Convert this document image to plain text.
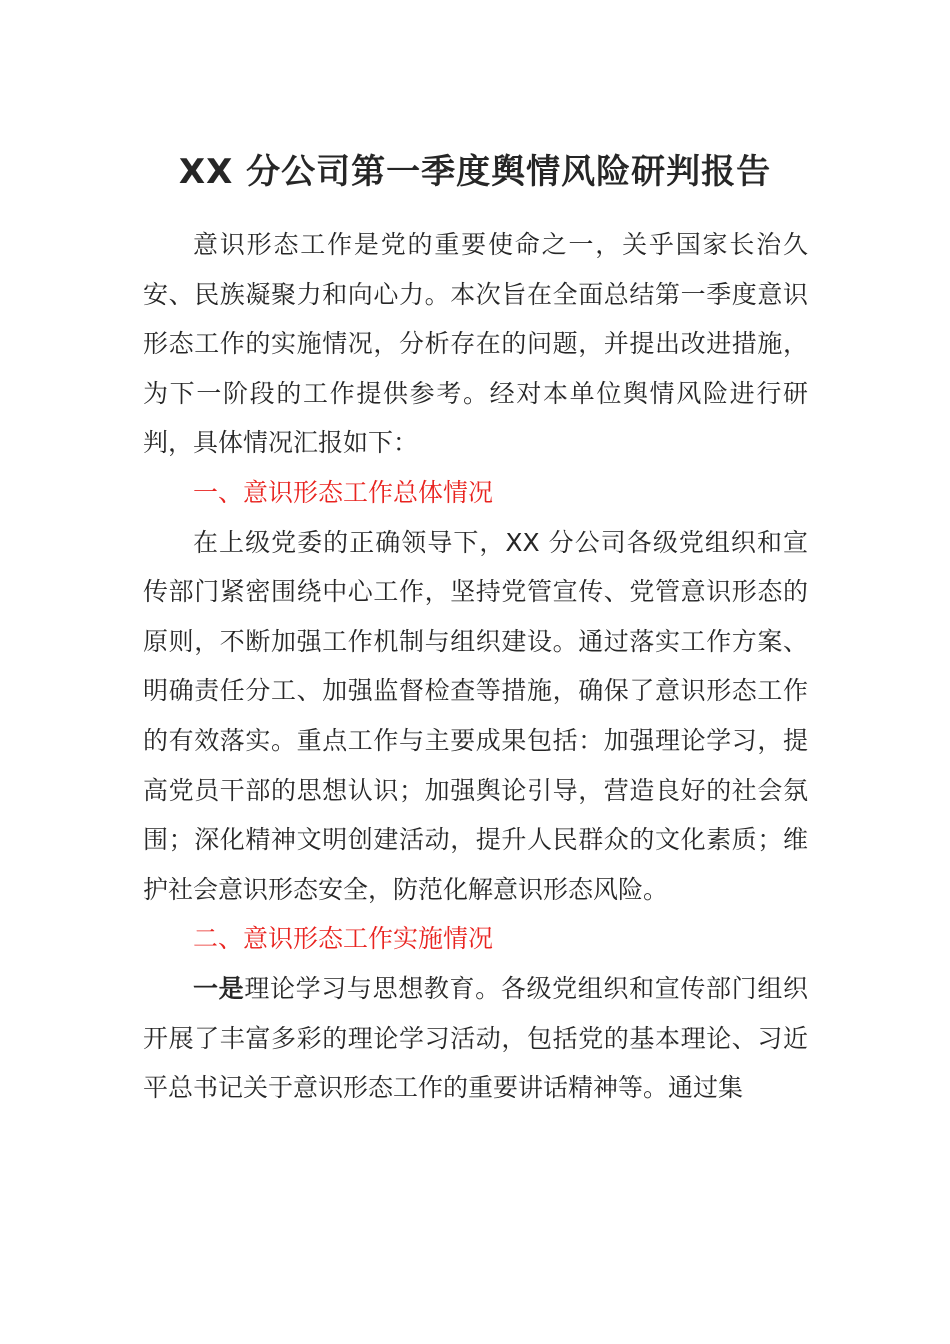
XX 分公司第一季度舆情风险研判报告

意识形态工作是党的重要使命之一，关乎国家长治久安、民族凝聚力和向心力。本次旨在全面总结第一季度意识形态工作的实施情况，分析存在的问题，并提出改进措施，为下一阶段的工作提供参考。经对本单位舆情风险进行研判，具体情况汇报如下：

一、意识形态工作总体情况

在上级党委的正确领导下，XX 分公司各级党组织和宣传部门紧密围绕中心工作，坚持党管宣传、党管意识形态的原则，不断加强工作机制与组织建设。通过落实工作方案、明确责任分工、加强监督检查等措施，确保了意识形态工作的有效落实。重点工作与主要成果包括：加强理论学习，提高党员干部的思想认识；加强舆论引导，营造良好的社会氛围；深化精神文明创建活动，提升人民群众的文化素质；维护社会意识形态安全，防范化解意识形态风险。

二、意识形态工作实施情况

一是理论学习与思想教育。各级党组织和宣传部门组织开展了丰富多彩的理论学习活动，包括党的基本理论、习近平总书记关于意识形态工作的重要讲话精神等。通过集
